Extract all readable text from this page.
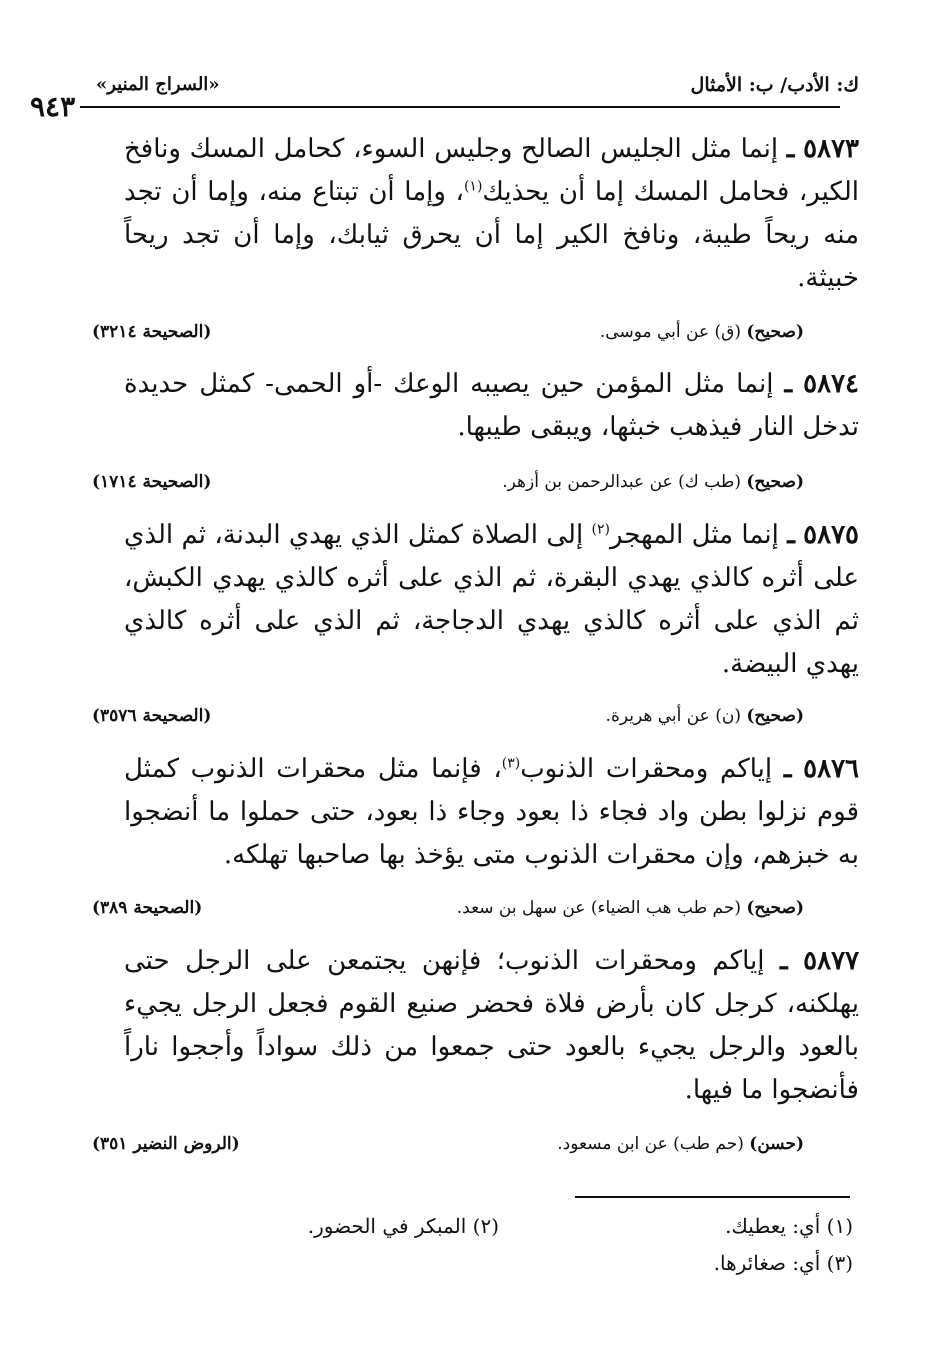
ك: الأدب/ ب: الأمثال
«السراج المنير»
٩٤٣

٥٨٧٣ ـ إنما مثل الجليس الصالح وجليس السوء، كحامل المسك ونافخ الكير، فحامل المسك إما أن يحذيك$^{(١)}$، وإما أن تبتاع منه، وإما أن تجد منه ريحاً طيبة، ونافخ الكير إما أن يحرق ثيابك، وإما أن تجد ريحاً خبيثة.

(صحيح) (ق) عن أبي موسى.
(الصحيحة ٣٢١٤)

٥٨٧٤ ـ إنما مثل المؤمن حين يصيبه الوعك -أو الحمى- كمثل حديدة تدخل النار فيذهب خبثها، ويبقى طيبها.

(صحيح) (طب ك) عن عبدالرحمن بن أزهر.
(الصحيحة ١٧١٤)

٥٨٧٥ ـ إنما مثل المهجر$^{(٢)}$ إلى الصلاة كمثل الذي يهدي البدنة، ثم الذي على أثره كالذي يهدي البقرة، ثم الذي على أثره كالذي يهدي الكبش، ثم الذي على أثره كالذي يهدي الدجاجة، ثم الذي على أثره كالذي يهدي البيضة.

(صحيح) (ن) عن أبي هريرة.
(الصحيحة ٣٥٧٦)

٥٨٧٦ ـ إياكم ومحقرات الذنوب$^{(٣)}$، فإنما مثل محقرات الذنوب كمثل قوم نزلوا بطن واد فجاء ذا بعود وجاء ذا بعود، حتى حملوا ما أنضجوا به خبزهم، وإن محقرات الذنوب متى يؤخذ بها صاحبها تهلكه.

(صحيح) (حم طب هب الضياء) عن سهل بن سعد.
(الصحيحة ٣٨٩)

٥٨٧٧ ـ إياكم ومحقرات الذنوب؛ فإنهن يجتمعن على الرجل حتى يهلكنه، كرجل كان بأرض فلاة فحضر صنيع القوم فجعل الرجل يجيء بالعود والرجل يجيء بالعود حتى جمعوا من ذلك سواداً وأججوا ناراً فأنضجوا ما فيها.

(حسن) (حم طب) عن ابن مسعود.
(الروض النضير ٣٥١)
(١) أي: يعطيك.
(٢) المبكر في الحضور.
(٣) أي: صغائرها.
